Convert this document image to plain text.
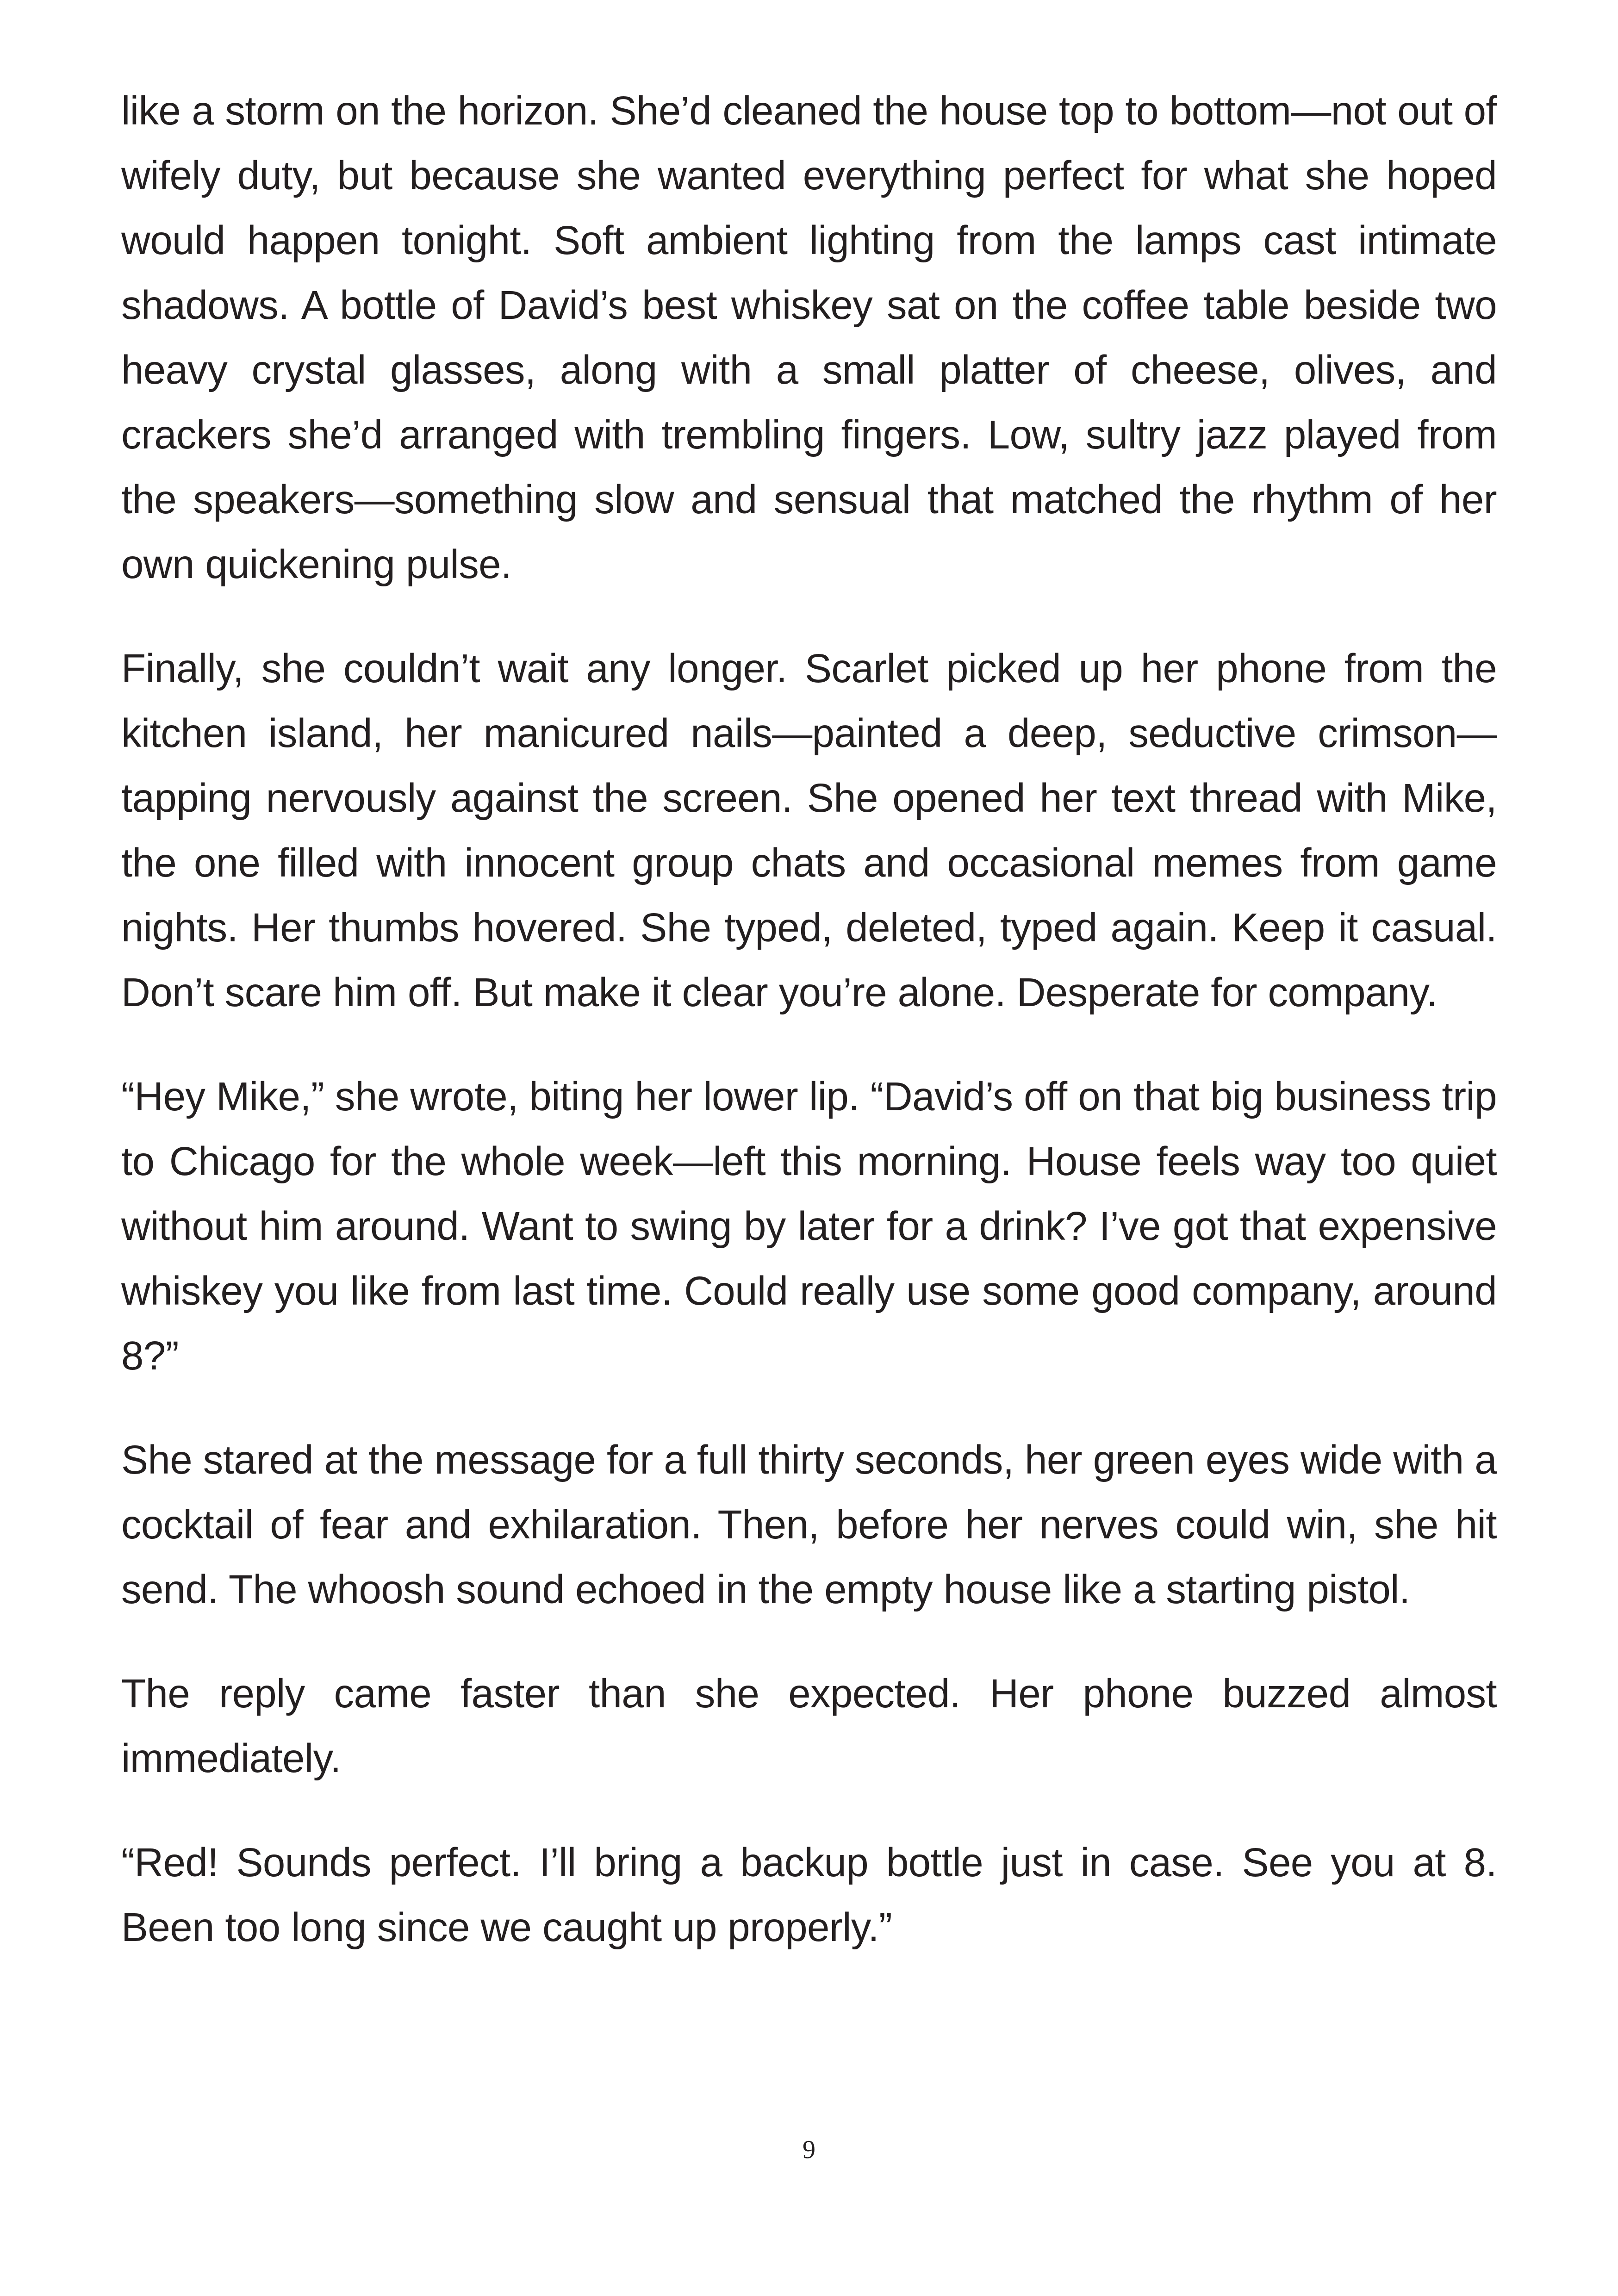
like a storm on the horizon. She’d cleaned the house top to bottom—not out of wifely duty, but because she wanted everything perfect for what she hoped would happen tonight. Soft ambient lighting from the lamps cast intimate shadows. A bottle of David’s best whiskey sat on the coffee table beside two heavy crystal glasses, along with a small platter of cheese, olives, and crackers she’d arranged with trembling fingers. Low, sultry jazz played from the speakers—something slow and sensual that matched the rhythm of her own quickening pulse.

Finally, she couldn’t wait any longer. Scarlet picked up her phone from the kitchen island, her manicured nails—painted a deep, seductive crimson—tapping nervously against the screen. She opened her text thread with Mike, the one filled with innocent group chats and occasional memes from game nights. Her thumbs hovered. She typed, deleted, typed again. Keep it casual. Don’t scare him off. But make it clear you’re alone. Desperate for company.

“Hey Mike,” she wrote, biting her lower lip. “David’s off on that big business trip to Chicago for the whole week—left this morning. House feels way too quiet without him around. Want to swing by later for a drink? I’ve got that expensive whiskey you like from last time. Could really use some good company, around 8?”

She stared at the message for a full thirty seconds, her green eyes wide with a cocktail of fear and exhilaration. Then, before her nerves could win, she hit send. The whoosh sound echoed in the empty house like a starting pistol.

The reply came faster than she expected. Her phone buzzed almost immediately.

“Red! Sounds perfect. I’ll bring a backup bottle just in case. See you at 8. Been too long since we caught up properly.”

9
